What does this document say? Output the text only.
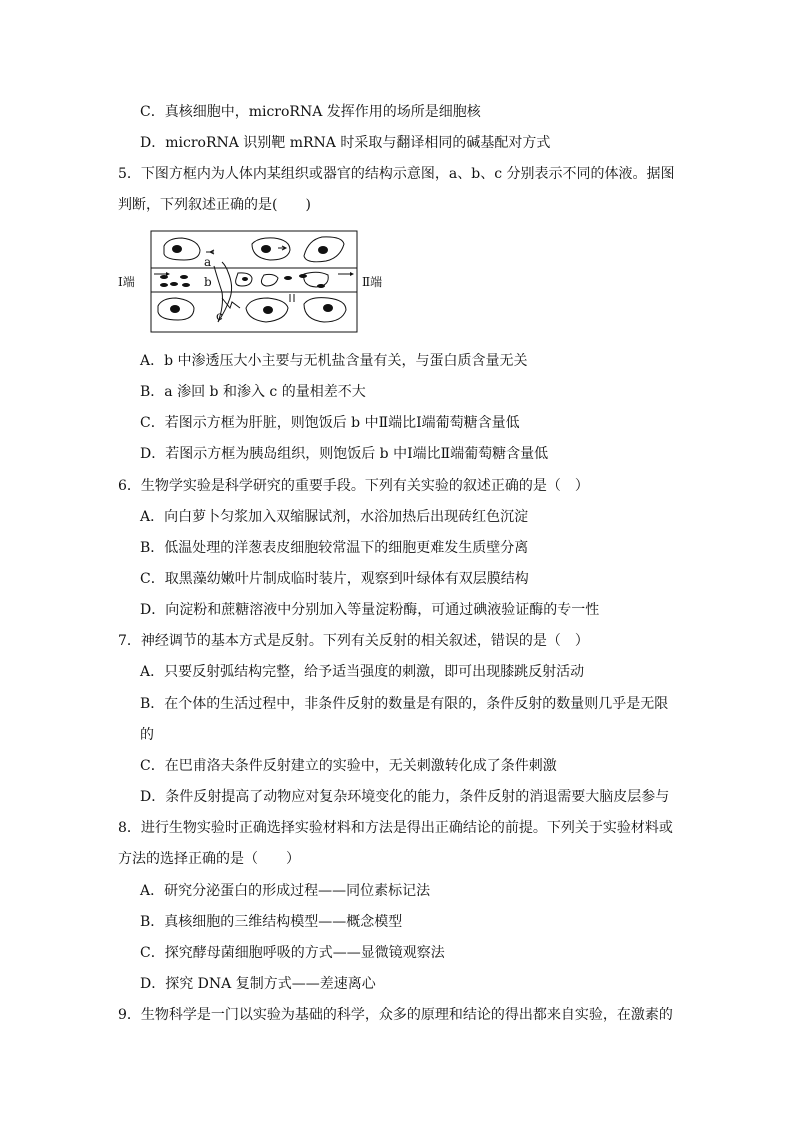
C．真核细胞中，microRNA 发挥作用的场所是细胞核
D．microRNA 识别靶 mRNA 时采取与翻译相同的碱基配对方式
5．下图方框内为人体内某组织或器官的结构示意图，a、b、c 分别表示不同的体液。据图
判断，下列叙述正确的是(　　)
Ⅰ端	Ⅱ端
a
b
c
A．b 中渗透压大小主要与无机盐含量有关，与蛋白质含量无关
B．a 渗回 b 和渗入 c 的量相差不大
C．若图示方框为肝脏，则饱饭后 b 中Ⅱ端比Ⅰ端葡萄糖含量低
D．若图示方框为胰岛组织，则饱饭后 b 中Ⅰ端比Ⅱ端葡萄糖含量低
6．生物学实验是科学研究的重要手段。下列有关实验的叙述正确的是（　）
A．向白萝卜匀浆加入双缩脲试剂，水浴加热后出现砖红色沉淀
B．低温处理的洋葱表皮细胞较常温下的细胞更难发生质壁分离
C．取黑藻幼嫩叶片制成临时装片，观察到叶绿体有双层膜结构
D．向淀粉和蔗糖溶液中分别加入等量淀粉酶，可通过碘液验证酶的专一性
7．神经调节的基本方式是反射。下列有关反射的相关叙述，错误的是（　）
A．只要反射弧结构完整，给予适当强度的刺激，即可出现膝跳反射活动
B．在个体的生活过程中，非条件反射的数量是有限的，条件反射的数量则几乎是无限
的
C．在巴甫洛夫条件反射建立的实验中，无关刺激转化成了条件刺激
D．条件反射提高了动物应对复杂环境变化的能力，条件反射的消退需要大脑皮层参与
8．进行生物实验时正确选择实验材料和方法是得出正确结论的前提。下列关于实验材料或
方法的选择正确的是（　　）
A．研究分泌蛋白的形成过程——同位素标记法
B．真核细胞的三维结构模型——概念模型
C．探究酵母菌细胞呼吸的方式——显微镜观察法
D．探究 DNA 复制方式——差速离心
9．生物科学是一门以实验为基础的科学，众多的原理和结论的得出都来自实验，在激素的
